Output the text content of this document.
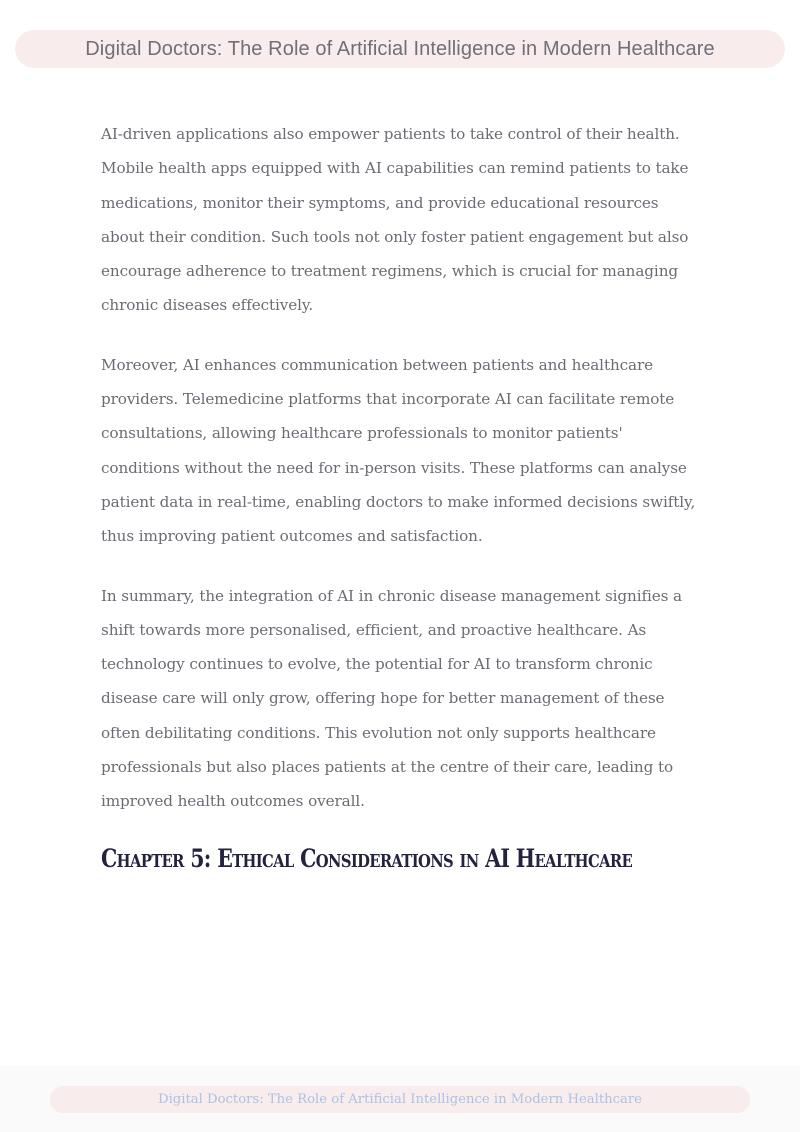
Digital Doctors: The Role of Artificial Intelligence in Modern Healthcare

AI-driven applications also empower patients to take control of their health. Mobile health apps equipped with AI capabilities can remind patients to take medications, monitor their symptoms, and provide educational resources about their condition. Such tools not only foster patient engagement but also encourage adherence to treatment regimens, which is crucial for managing chronic diseases effectively.

Moreover, AI enhances communication between patients and healthcare providers. Telemedicine platforms that incorporate AI can facilitate remote consultations, allowing healthcare professionals to monitor patients' conditions without the need for in-person visits. These platforms can analyse patient data in real-time, enabling doctors to make informed decisions swiftly, thus improving patient outcomes and satisfaction.

In summary, the integration of AI in chronic disease management signifies a shift towards more personalised, efficient, and proactive healthcare. As technology continues to evolve, the potential for AI to transform chronic disease care will only grow, offering hope for better management of these often debilitating conditions. This evolution not only supports healthcare professionals but also places patients at the centre of their care, leading to improved health outcomes overall.

Chapter 5: Ethical Considerations in AI Healthcare
Digital Doctors: The Role of Artificial Intelligence in Modern Healthcare
